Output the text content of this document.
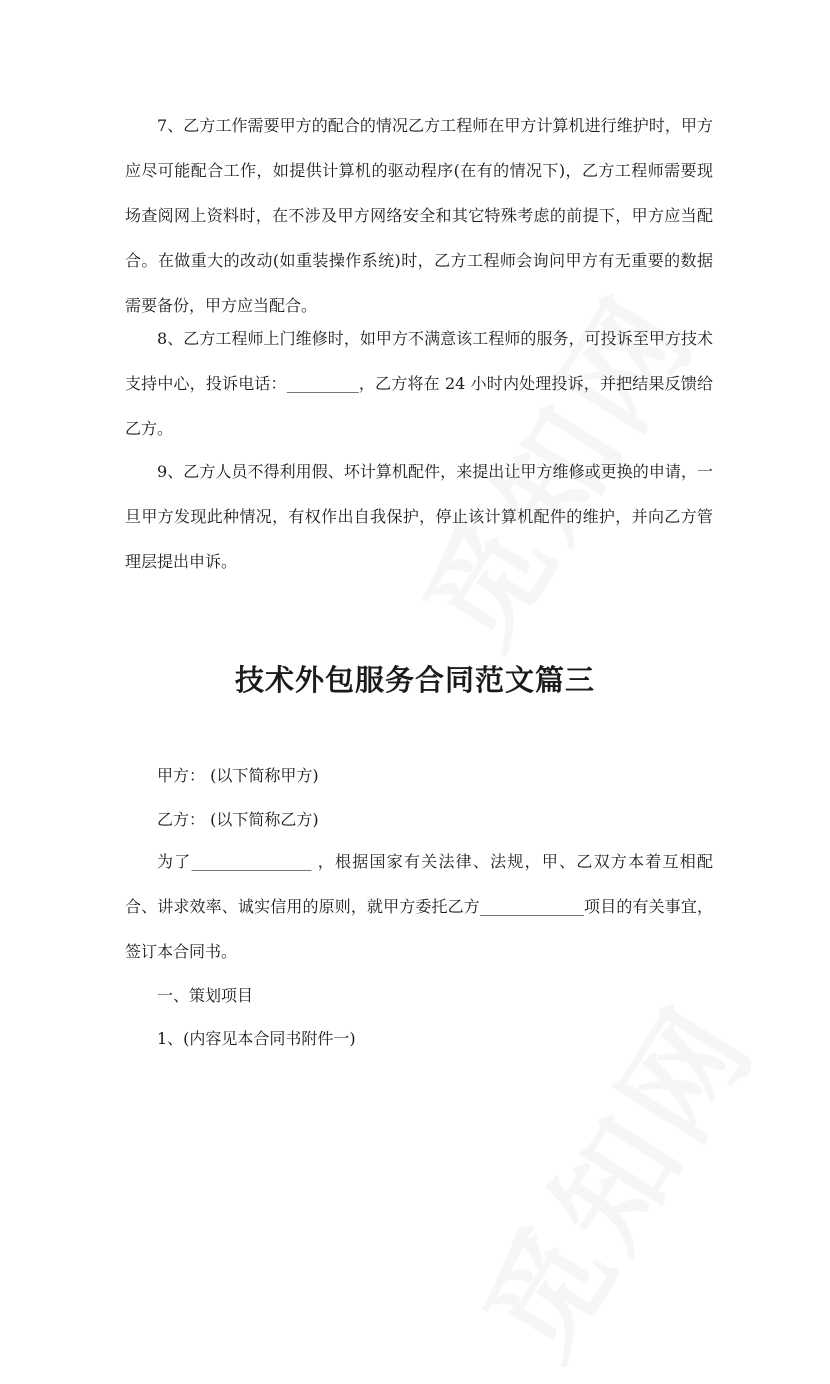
7、乙方工作需要甲方的配合的情况乙方工程师在甲方计算机进行维护时，甲方应尽可能配合工作，如提供计算机的驱动程序(在有的情况下)，乙方工程师需要现场查阅网上资料时，在不涉及甲方网络安全和其它特殊考虑的前提下，甲方应当配合。在做重大的改动(如重装操作系统)时，乙方工程师会询问甲方有无重要的数据需要备份，甲方应当配合。

8、乙方工程师上门维修时，如甲方不满意该工程师的服务，可投诉至甲方技术支持中心，投诉电话：_________，乙方将在 24 小时内处理投诉，并把结果反馈给乙方。

9、乙方人员不得利用假、坏计算机配件，来提出让甲方维修或更换的申请，一旦甲方发现此种情况，有权作出自我保护，停止该计算机配件的维护，并向乙方管理层提出申诉。

技术外包服务合同范文篇三

甲方： (以下简称甲方)

乙方： (以下简称乙方)

为了_______________ ，根据国家有关法律、法规，甲、乙双方本着互相配合、讲求效率、诚实信用的原则，就甲方委托乙方_____________项目的有关事宜，签订本合同书。

一、策划项目

1、(内容见本合同书附件一)
